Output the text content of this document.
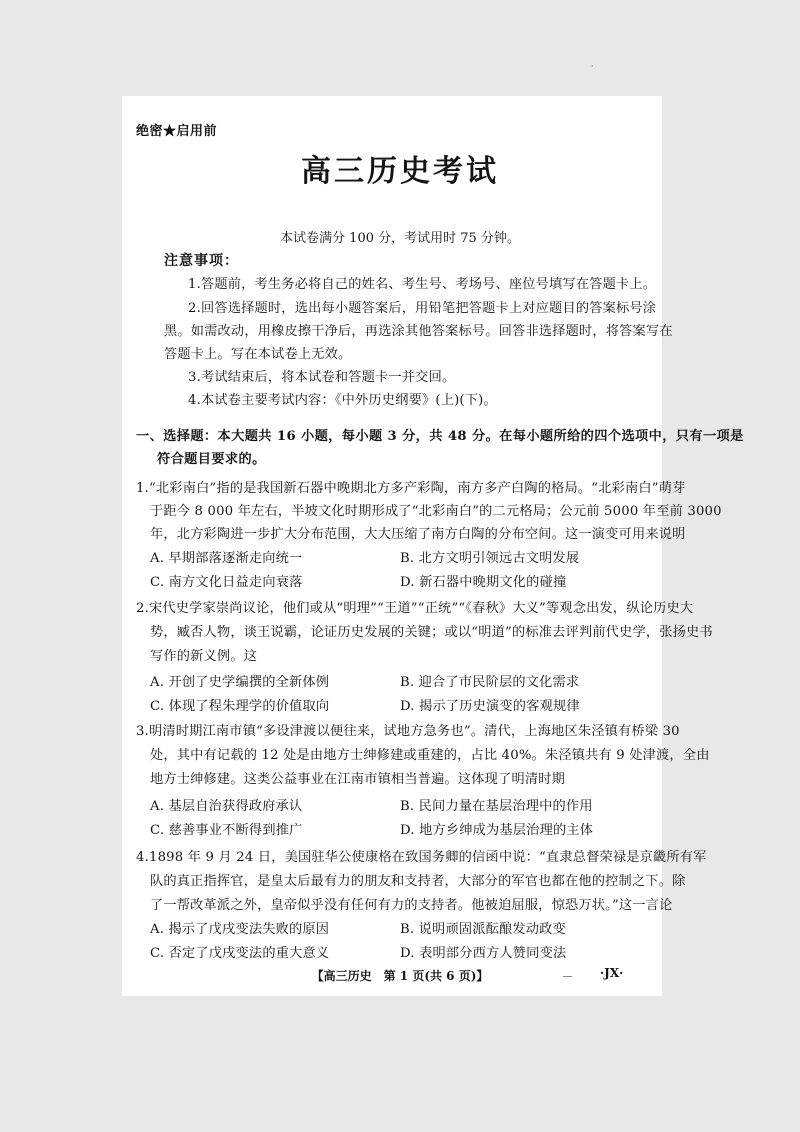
·
绝密★启用前
高三历史考试
本试卷满分 100 分，考试用时 75 分钟。
注意事项：
1.答题前，考生务必将自己的姓名、考生号、考场号、座位号填写在答题卡上。
2.回答选择题时，选出每小题答案后，用铅笔把答题卡上对应题目的答案标号涂
黑。如需改动，用橡皮擦干净后，再选涂其他答案标号。回答非选择题时，将答案写在
答题卡上。写在本试卷上无效。
3.考试结束后，将本试卷和答题卡一并交回。
4.本试卷主要考试内容：《中外历史纲要》(上)(下)。
一、选择题：本大题共 16 小题，每小题 3 分，共 48 分。在每小题所给的四个选项中，只有一项是
符合题目要求的。
1.“北彩南白”指的是我国新石器中晚期北方多产彩陶，南方多产白陶的格局。“北彩南白”萌芽
于距今 8 000 年左右，半坡文化时期形成了“北彩南白”的二元格局；公元前 5000 年至前 3000
年，北方彩陶进一步扩大分布范围，大大压缩了南方白陶的分布空间。这一演变可用来说明
A. 早期部落逐渐走向统一	B. 北方文明引领远古文明发展
C. 南方文化日益走向衰落	D. 新石器中晚期文化的碰撞
2.宋代史学家崇尚议论，他们或从“明理”“王道”“正统”“《春秋》大义”等观念出发，纵论历史大
势，臧否人物，谈王说霸，论证历史发展的关键；或以“明道”的标准去评判前代史学，张扬史书
写作的新义例。这
A. 开创了史学编撰的全新体例	B. 迎合了市民阶层的文化需求
C. 体现了程朱理学的价值取向	D. 揭示了历史演变的客观规律
3.明清时期江南市镇“多设津渡以便往来，试地方急务也”。清代，上海地区朱泾镇有桥梁 30
处，其中有记载的 12 处是由地方士绅修建或重建的，占比 40%。朱泾镇共有 9 处津渡，全由
地方士绅修建。这类公益事业在江南市镇相当普遍。这体现了明清时期
A. 基层自治获得政府承认	B. 民间力量在基层治理中的作用
C. 慈善事业不断得到推广	D. 地方乡绅成为基层治理的主体
4.1898 年 9 月 24 日，美国驻华公使康格在致国务卿的信函中说：“直隶总督荣禄是京畿所有军
队的真正指挥官，是皇太后最有力的朋友和支持者，大部分的军官也都在他的控制之下。除
了一帮改革派之外，皇帝似乎没有任何有力的支持者。他被迫屈服，惊恐万状。”这一言论
A. 揭示了戊戌变法失败的原因	B. 说明顽固派酝酿发动政变
C. 否定了戊戌变法的重大意义	D. 表明部分西方人赞同变法
【高三历史　第 1 页(共 6 页)】	·JX·
